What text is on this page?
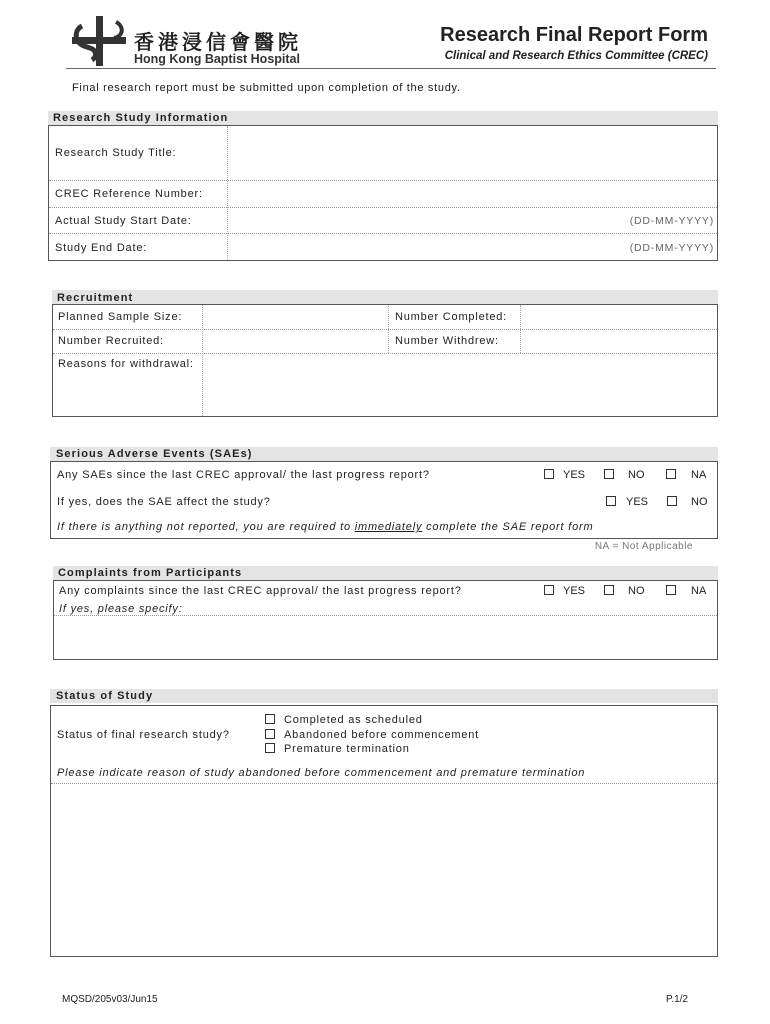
香港浸信會醫院
Hong Kong Baptist Hospital
Research Final Report Form
Clinical and Research Ethics Committee (CREC)
Final research report must be submitted upon completion of the study.
Research Study Information
Research Study Title:
CREC Reference Number:
Actual Study Start Date:	(DD-MM-YYYY)
Study End Date:	(DD-MM-YYYY)
Recruitment
Planned Sample Size:	Number Completed:
Number Recruited:	Number Withdrew:
Reasons for withdrawal:
Serious Adverse Events (SAEs)
Any SAEs since the last CREC approval/ the last progress report?	YES	NO	NA
If yes, does the SAE affect the study?	YES	NO
If there is anything not reported, you are required to immediately complete the SAE report form
NA = Not Applicable
Complaints from Participants
Any complaints since the last CREC approval/ the last progress report?	YES	NO	NA
If yes, please specify:
Status of Study
Status of final research study?
Completed as scheduled
Abandoned before commencement
Premature termination
Please indicate reason of study abandoned before commencement and premature termination
MQSD/205v03/Jun15	P.1/2
